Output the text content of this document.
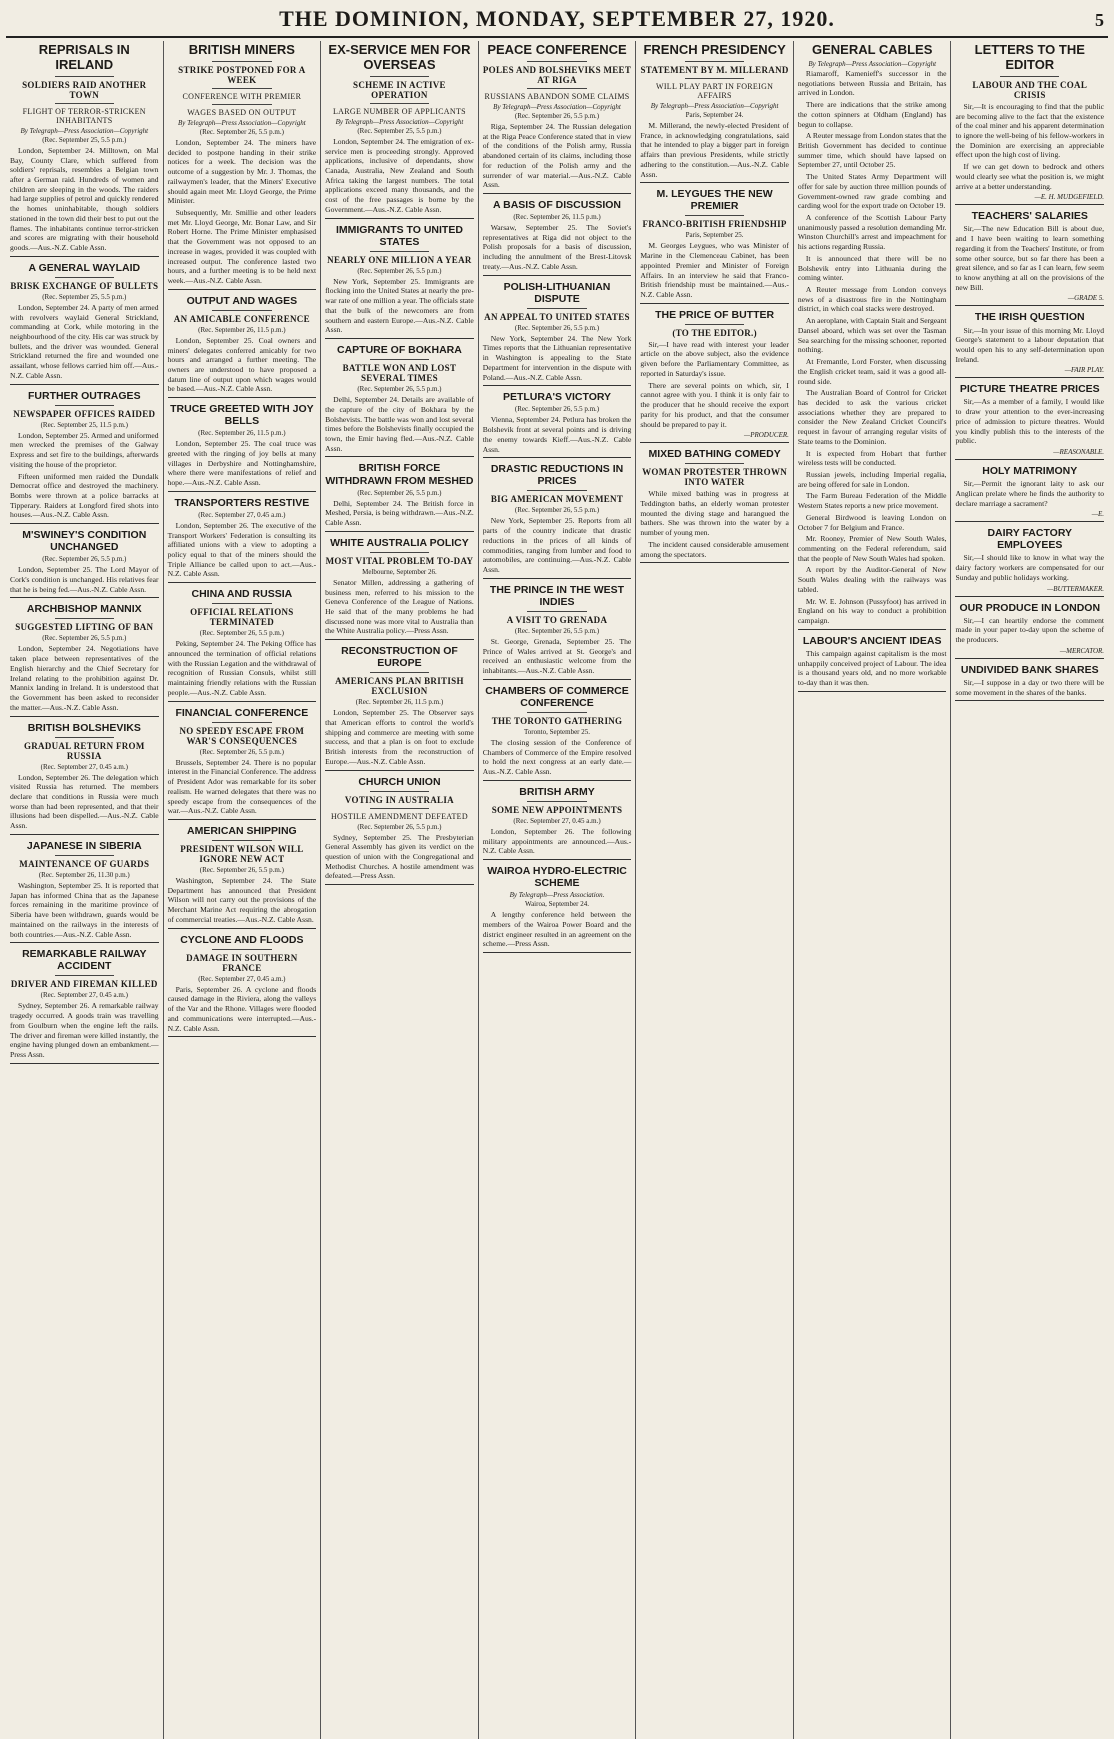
THE DOMINION, MONDAY, SEPTEMBER 27, 1920.	5
REPRISALS IN IRELAND
SOLDIERS RAID ANOTHER TOWN
FLIGHT OF TERROR-STRICKEN INHABITANTS
By Telegraph—Press Association—Copyright
(Rec. September 25, 5.5 p.m.)

London, September 24. Milltown, on Mal Bay, County Clare, which suffered from soldiers' reprisals, resembles a Belgian town after a German raid. Hundreds of women and children are sleeping in the woods. The raiders had large supplies of petrol and quickly rendered the homes uninhabitable, though soldiers stationed in the town did their best to put out the flames. The inhabitants continue terror-stricken and scores are migrating with their household goods.—Aus.-N.Z. Cable Assn.

A GENERAL WAYLAID
BRISK EXCHANGE OF BULLETS
(Rec. September 25, 5.5 p.m.)

London, September 24. A party of men armed with revolvers waylaid General Strickland, commanding at Cork, while motoring in the neighbourhood of the city. His car was struck by bullets, and the driver was wounded. General Strickland returned the fire and wounded one assailant, whose fellows carried him off.—Aus.-N.Z. Cable Assn.

FURTHER OUTRAGES
NEWSPAPER OFFICES RAIDED
(Rec. September 25, 11.5 p.m.)

London, September 25. Armed and uniformed men wrecked the premises of the Galway Express and set fire to the buildings, afterwards visiting the house of the proprietor.

Fifteen uniformed men raided the Dundalk Democrat office and destroyed the machinery. Bombs were thrown at a police barracks at Tipperary. Raiders at Longford fired shots into houses.—Aus.-N.Z. Cable Assn.

M'SWINEY'S CONDITION UNCHANGED
(Rec. September 26, 5.5 p.m.)

London, September 25. The Lord Mayor of Cork's condition is unchanged. His relatives fear that he is being fed.—Aus.-N.Z. Cable Assn.

ARCHBISHOP MANNIX
SUGGESTED LIFTING OF BAN
(Rec. September 26, 5.5 p.m.)

London, September 24. Negotiations have taken place between representatives of the English hierarchy and the Chief Secretary for Ireland relating to the prohibition against Dr. Mannix landing in Ireland. It is understood that the Government has been asked to reconsider the matter.—Aus.-N.Z. Cable Assn.

BRITISH BOLSHEVIKS
GRADUAL RETURN FROM RUSSIA
(Rec. September 27, 0.45 a.m.)

London, September 26. The delegation which visited Russia has returned. The members declare that conditions in Russia were much worse than had been represented, and that their illusions had been dispelled.—Aus.-N.Z. Cable Assn.

JAPANESE IN SIBERIA
MAINTENANCE OF GUARDS
(Rec. September 26, 11.30 p.m.)

Washington, September 25. It is reported that Japan has informed China that as the Japanese forces remaining in the maritime province of Siberia have been withdrawn, guards would be maintained on the railways in the interests of both countries.—Aus.-N.Z. Cable Assn.

REMARKABLE RAILWAY ACCIDENT
DRIVER AND FIREMAN KILLED
(Rec. September 27, 0.45 a.m.)

Sydney, September 26. A remarkable railway tragedy occurred. A goods train was travelling from Goulburn when the engine left the rails. The driver and fireman were killed instantly, the engine having plunged down an embankment.—Press Assn.

BRITISH MINERS
STRIKE POSTPONED FOR A WEEK
CONFERENCE WITH PREMIER
WAGES BASED ON OUTPUT
By Telegraph—Press Association—Copyright
(Rec. September 26, 5.5 p.m.)

London, September 24. The miners have decided to postpone handing in their strike notices for a week. The decision was the outcome of a suggestion by Mr. J. Thomas, the railwaymen's leader, that the Miners' Executive should again meet Mr. Lloyd George, the Prime Minister.

Subsequently, Mr. Smillie and other leaders met Mr. Lloyd George, Mr. Bonar Law, and Sir Robert Horne. The Prime Minister emphasised that the Government was not opposed to an increase in wages, provided it was coupled with increased output. The conference lasted two hours, and a further meeting is to be held next week.—Aus.-N.Z. Cable Assn.

OUTPUT AND WAGES
AN AMICABLE CONFERENCE
(Rec. September 26, 11.5 p.m.)

London, September 25. Coal owners and miners' delegates conferred amicably for two hours and arranged a further meeting. The owners are understood to have proposed a datum line of output upon which wages would be based.—Aus.-N.Z. Cable Assn.

TRUCE GREETED WITH JOY BELLS
(Rec. September 26, 11.5 p.m.)

London, September 25. The coal truce was greeted with the ringing of joy bells at many villages in Derbyshire and Nottinghamshire, where there were manifestations of relief and hope.—Aus.-N.Z. Cable Assn.

TRANSPORTERS RESTIVE
(Rec. September 27, 0.45 a.m.)

London, September 26. The executive of the Transport Workers' Federation is consulting its affiliated unions with a view to adopting a policy equal to that of the miners should the Triple Alliance be called upon to act.—Aus.-N.Z. Cable Assn.

CHINA AND RUSSIA
OFFICIAL RELATIONS TERMINATED
(Rec. September 26, 5.5 p.m.)

Peking, September 24. The Peking Office has announced the termination of official relations with the Russian Legation and the withdrawal of recognition of Russian Consuls, whilst still maintaining friendly relations with the Russian people.—Aus.-N.Z. Cable Assn.

FINANCIAL CONFERENCE
NO SPEEDY ESCAPE FROM WAR'S CONSEQUENCES
(Rec. September 26, 5.5 p.m.)

Brussels, September 24. There is no popular interest in the Financial Conference. The address of President Ador was remarkable for its sober realism. He warned delegates that there was no speedy escape from the consequences of the war.—Aus.-N.Z. Cable Assn.

AMERICAN SHIPPING
PRESIDENT WILSON WILL IGNORE NEW ACT
(Rec. September 26, 5.5 p.m.)

Washington, September 24. The State Department has announced that President Wilson will not carry out the provisions of the Merchant Marine Act requiring the abrogation of commercial treaties.—Aus.-N.Z. Cable Assn.

CYCLONE AND FLOODS
DAMAGE IN SOUTHERN FRANCE
(Rec. September 27, 0.45 a.m.)

Paris, September 26. A cyclone and floods caused damage in the Riviera, along the valleys of the Var and the Rhone. Villages were flooded and communications were interrupted.—Aus.-N.Z. Cable Assn.

EX-SERVICE MEN FOR OVERSEAS
SCHEME IN ACTIVE OPERATION
LARGE NUMBER OF APPLICANTS
By Telegraph—Press Association—Copyright
(Rec. September 25, 5.5 p.m.)

London, September 24. The emigration of ex-service men is proceeding strongly. Approved applications, inclusive of dependants, show Canada, Australia, New Zealand and South Africa taking the largest numbers. The total applications exceed many thousands, and the cost of the free passages is borne by the Government.—Aus.-N.Z. Cable Assn.

IMMIGRANTS TO UNITED STATES
NEARLY ONE MILLION A YEAR
(Rec. September 26, 5.5 p.m.)

New York, September 25. Immigrants are flocking into the United States at nearly the pre-war rate of one million a year. The officials state that the bulk of the newcomers are from southern and eastern Europe.—Aus.-N.Z. Cable Assn.

CAPTURE OF BOKHARA
BATTLE WON AND LOST SEVERAL TIMES
(Rec. September 26, 5.5 p.m.)

Delhi, September 24. Details are available of the capture of the city of Bokhara by the Bolshevists. The battle was won and lost several times before the Bolshevists finally occupied the town, the Emir having fled.—Aus.-N.Z. Cable Assn.

BRITISH FORCE WITHDRAWN FROM MESHED
(Rec. September 26, 5.5 p.m.)

Delhi, September 24. The British force in Meshed, Persia, is being withdrawn.—Aus.-N.Z. Cable Assn.

WHITE AUSTRALIA POLICY
MOST VITAL PROBLEM TO-DAY
Melbourne, September 26.

Senator Millen, addressing a gathering of business men, referred to his mission to the Geneva Conference of the League of Nations. He said that of the many problems he had discussed none was more vital to Australia than the White Australia policy.—Press Assn.

RECONSTRUCTION OF EUROPE
AMERICANS PLAN BRITISH EXCLUSION
(Rec. September 26, 11.5 p.m.)

London, September 25. The Observer says that American efforts to control the world's shipping and commerce are meeting with some success, and that a plan is on foot to exclude British interests from the reconstruction of Europe.—Aus.-N.Z. Cable Assn.

CHURCH UNION
VOTING IN AUSTRALIA
HOSTILE AMENDMENT DEFEATED
(Rec. September 26, 5.5 p.m.)

Sydney, September 25. The Presbyterian General Assembly has given its verdict on the question of union with the Congregational and Methodist Churches. A hostile amendment was defeated.—Press Assn.

PEACE CONFERENCE
POLES AND BOLSHEVIKS MEET AT RIGA
RUSSIANS ABANDON SOME CLAIMS
By Telegraph—Press Association—Copyright
(Rec. September 26, 5.5 p.m.)

Riga, September 24. The Russian delegation at the Riga Peace Conference stated that in view of the conditions of the Polish army, Russia abandoned certain of its claims, including those for reduction of the Polish army and the surrender of war material.—Aus.-N.Z. Cable Assn.

A BASIS OF DISCUSSION
(Rec. September 26, 11.5 p.m.)

Warsaw, September 25. The Soviet's representatives at Riga did not object to the Polish proposals for a basis of discussion, including the annulment of the Brest-Litovsk treaty.—Aus.-N.Z. Cable Assn.

POLISH-LITHUANIAN DISPUTE
AN APPEAL TO UNITED STATES
(Rec. September 26, 5.5 p.m.)

New York, September 24. The New York Times reports that the Lithuanian representative in Washington is appealing to the State Department for intervention in the dispute with Poland.—Aus.-N.Z. Cable Assn.

PETLURA'S VICTORY
(Rec. September 26, 5.5 p.m.)

Vienna, September 24. Petlura has broken the Bolshevik front at several points and is driving the enemy towards Kieff.—Aus.-N.Z. Cable Assn.

DRASTIC REDUCTIONS IN PRICES
BIG AMERICAN MOVEMENT
(Rec. September 26, 5.5 p.m.)

New York, September 25. Reports from all parts of the country indicate that drastic reductions in the prices of all kinds of commodities, ranging from lumber and food to automobiles, are continuing.—Aus.-N.Z. Cable Assn.

THE PRINCE IN THE WEST INDIES
A VISIT TO GRENADA
(Rec. September 26, 5.5 p.m.)

St. George, Grenada, September 25. The Prince of Wales arrived at St. George's and received an enthusiastic welcome from the inhabitants.—Aus.-N.Z. Cable Assn.

CHAMBERS OF COMMERCE CONFERENCE
THE TORONTO GATHERING
Toronto, September 25.

The closing session of the Conference of Chambers of Commerce of the Empire resolved to hold the next congress at an early date.—Aus.-N.Z. Cable Assn.

BRITISH ARMY
SOME NEW APPOINTMENTS
(Rec. September 27, 0.45 a.m.)

London, September 26. The following military appointments are announced.—Aus.-N.Z. Cable Assn.

WAIROA HYDRO-ELECTRIC SCHEME
By Telegraph—Press Association.
Wairoa, September 24.

A lengthy conference held between the members of the Wairoa Power Board and the district engineer resulted in an agreement on the scheme.—Press Assn.

FRENCH PRESIDENCY
STATEMENT BY M. MILLERAND
WILL PLAY PART IN FOREIGN AFFAIRS
By Telegraph—Press Association—Copyright
Paris, September 24.

M. Millerand, the newly-elected President of France, in acknowledging congratulations, said that he intended to play a bigger part in foreign affairs than previous Presidents, while strictly adhering to the constitution.—Aus.-N.Z. Cable Assn.

M. LEYGUES THE NEW PREMIER
FRANCO-BRITISH FRIENDSHIP
Paris, September 25.

M. Georges Leygues, who was Minister of Marine in the Clemenceau Cabinet, has been appointed Premier and Minister of Foreign Affairs. In an interview he said that Franco-British friendship must be maintained.—Aus.-N.Z. Cable Assn.

THE PRICE OF BUTTER
(TO THE EDITOR.)

Sir,—I have read with interest your leader article on the above subject, also the evidence given before the Parliamentary Committee, as reported in Saturday's issue.

There are several points on which, sir, I cannot agree with you. I think it is only fair to the producer that he should receive the export parity for his product, and that the consumer should be prepared to pay it.

—PRODUCER.
MIXED BATHING COMEDY
WOMAN PROTESTER THROWN INTO WATER

While mixed bathing was in progress at Teddington baths, an elderly woman protester mounted the diving stage and harangued the bathers. She was thrown into the water by a number of young men.

The incident caused considerable amusement among the spectators.

GENERAL CABLES
By Telegraph—Press Association—Copyright

Riamaroff, Kamenieff's successor in the negotiations between Russia and Britain, has arrived in London.

There are indications that the strike among the cotton spinners at Oldham (England) has begun to collapse.

A Reuter message from London states that the British Government has decided to continue summer time, which should have lapsed on September 27, until October 25.

The United States Army Department will offer for sale by auction three million pounds of Government-owned raw grade combing and carding wool for the export trade on October 19.

A conference of the Scottish Labour Party unanimously passed a resolution demanding Mr. Winston Churchill's arrest and impeachment for his actions regarding Russia.

It is announced that there will be no Bolshevik entry into Lithuania during the coming winter.

A Reuter message from London conveys news of a disastrous fire in the Nottingham district, in which coal stacks were destroyed.

An aeroplane, with Captain Stait and Sergeant Dansel aboard, which was set over the Tasman Sea searching for the missing schooner, reported nothing.

At Fremantle, Lord Forster, when discussing the English cricket team, said it was a good all-round side.

The Australian Board of Control for Cricket has decided to ask the various cricket associations whether they are prepared to consider the New Zealand Cricket Council's request in favour of arranging regular visits of State teams to the Dominion.

It is expected from Hobart that further wireless tests will be conducted.

Russian jewels, including Imperial regalia, are being offered for sale in London.

The Farm Bureau Federation of the Middle Western States reports a new price movement.

General Birdwood is leaving London on October 7 for Belgium and France.

Mr. Rooney, Premier of New South Wales, commenting on the Federal referendum, said that the people of New South Wales had spoken.

A report by the Auditor-General of New South Wales dealing with the railways was tabled.

Mr. W. E. Johnson (Pussyfoot) has arrived in England on his way to conduct a prohibition campaign.

LABOUR'S ANCIENT IDEAS

This campaign against capitalism is the most unhappily conceived project of Labour. The idea is a thousand years old, and no more workable to-day than it was then.

LETTERS TO THE EDITOR
LABOUR AND THE COAL CRISIS

Sir,—It is encouraging to find that the public are becoming alive to the fact that the existence of the coal miner and his apparent determination to ignore the well-being of his fellow-workers in the Dominion are exercising an appreciable effect upon the high cost of living.

If we can get down to bedrock and others would clearly see what the position is, we might arrive at a better understanding.

—E. H. MUDGEFIELD.
TEACHERS' SALARIES

Sir,—The new Education Bill is about due, and I have been waiting to learn something regarding it from the Teachers' Institute, or from some other source, but so far there has been a great silence, and so far as I can learn, few seem to know anything at all on the provisions of the new Bill.

—GRADE 5.
THE IRISH QUESTION

Sir,—In your issue of this morning Mr. Lloyd George's statement to a labour deputation that would open his to any self-determination upon Ireland.

—FAIR PLAY.
PICTURE THEATRE PRICES

Sir,—As a member of a family, I would like to draw your attention to the ever-increasing price of admission to picture theatres. Would you kindly publish this to the interests of the public.

—REASONABLE.
HOLY MATRIMONY

Sir,—Permit the ignorant laity to ask our Anglican prelate where he finds the authority to declare marriage a sacrament?

—E.
DAIRY FACTORY EMPLOYEES

Sir,—I should like to know in what way the dairy factory workers are compensated for our Sunday and public holidays working.

—BUTTERMAKER.
OUR PRODUCE IN LONDON

Sir,—I can heartily endorse the comment made in your paper to-day upon the scheme of the producers.

—MERCATOR.
UNDIVIDED BANK SHARES

Sir,—I suppose in a day or two there will be some movement in the shares of the banks.
